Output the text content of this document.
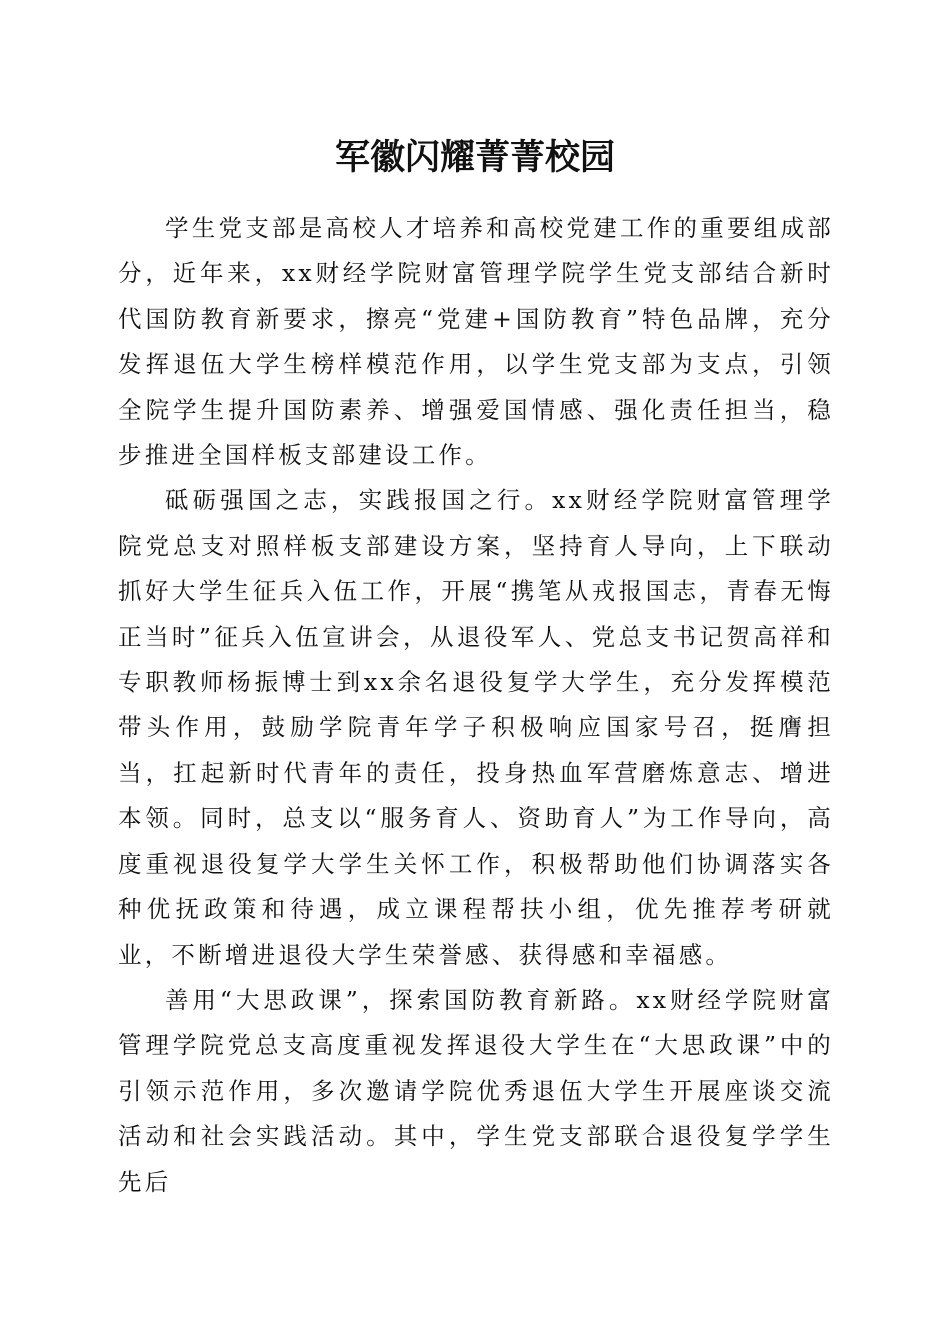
军徽闪耀菁菁校园

学生党支部是高校人才培养和高校党建工作的重要组成部分，近年来，xx财经学院财富管理学院学生党支部结合新时代国防教育新要求，擦亮“党建+国防教育”特色品牌，充分发挥退伍大学生榜样模范作用，以学生党支部为支点，引领全院学生提升国防素养、增强爱国情感、强化责任担当，稳步推进全国样板支部建设工作。

砥砺强国之志，实践报国之行。xx财经学院财富管理学院党总支对照样板支部建设方案，坚持育人导向，上下联动抓好大学生征兵入伍工作，开展“携笔从戎报国志，青春无悔正当时”征兵入伍宣讲会，从退役军人、党总支书记贺高祥和专职教师杨振博士到xx余名退役复学大学生，充分发挥模范带头作用，鼓励学院青年学子积极响应国家号召，挺膺担当，扛起新时代青年的责任，投身热血军营磨炼意志、增进本领。同时，总支以“服务育人、资助育人”为工作导向，高度重视退役复学大学生关怀工作，积极帮助他们协调落实各种优抚政策和待遇，成立课程帮扶小组，优先推荐考研就业，不断增进退役大学生荣誉感、获得感和幸福感。

善用“大思政课”，探索国防教育新路。xx财经学院财富管理学院党总支高度重视发挥退役大学生在“大思政课”中的引领示范作用，多次邀请学院优秀退伍大学生开展座谈交流活动和社会实践活动。其中，学生党支部联合退役复学学生先后
